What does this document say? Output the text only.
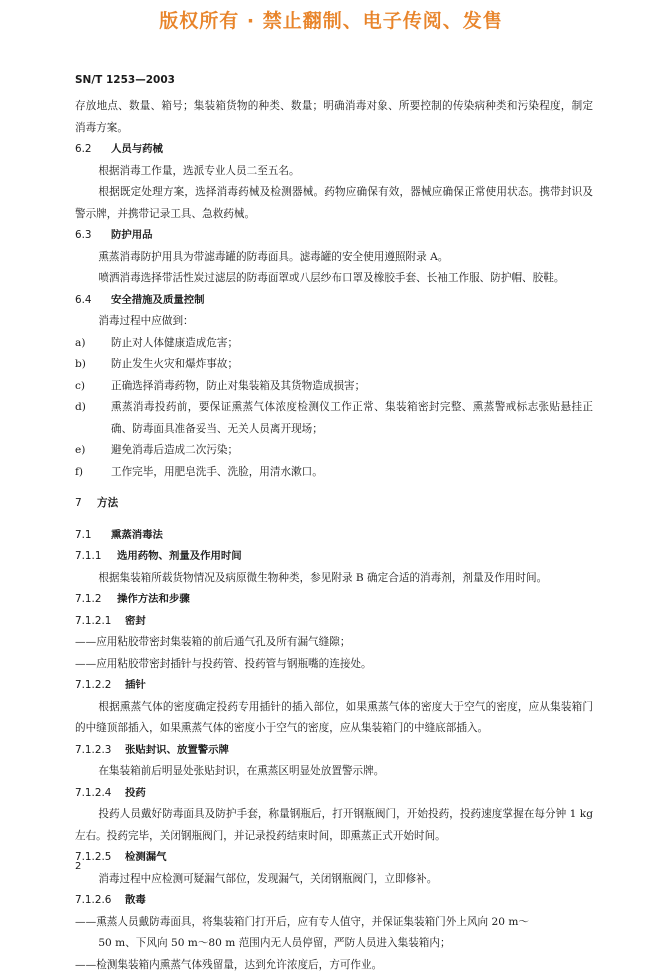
版权所有 · 禁止翻制、电子传阅、发售
SN/T 1253—2003

存放地点、数量、箱号；集装箱货物的种类、数量；明确消毒对象、所要控制的传染病种类和污染程度，制定消毒方案。

6.2 人员与药械

根据消毒工作量，选派专业人员二至五名。

根据既定处理方案，选择消毒药械及检测器械。药物应确保有效，器械应确保正常使用状态。携带封识及警示牌，并携带记录工具、急救药械。

6.3 防护用品

熏蒸消毒防护用具为带滤毒罐的防毒面具。滤毒罐的安全使用遵照附录 A。

喷洒消毒选择带活性炭过滤层的防毒面罩或八层纱布口罩及橡胶手套、长袖工作服、防护帽、胶鞋。

6.4 安全措施及质量控制

消毒过程中应做到：

a)	防止对人体健康造成危害；
b)	防止发生火灾和爆炸事故；
c)	正确选择消毒药物，防止对集装箱及其货物造成损害；
d)	熏蒸消毒投药前，要保证熏蒸气体浓度检测仪工作正常、集装箱密封完整、熏蒸警戒标志张贴悬挂正确、防毒面具准备妥当、无关人员离开现场；
e)	避免消毒后造成二次污染；
f)	工作完毕，用肥皂洗手、洗脸，用清水漱口。
7 方法
7.1 熏蒸消毒法
7.1.1 选用药物、剂量及作用时间

根据集装箱所载货物情况及病原微生物种类，参见附录 B 确定合适的消毒剂，剂量及作用时间。

7.1.2 操作方法和步骤
7.1.2.1 密封

——应用粘胶带密封集装箱的前后通气孔及所有漏气缝隙；

——应用粘胶带密封插针与投药管、投药管与钢瓶嘴的连接处。

7.1.2.2 插针

根据熏蒸气体的密度确定投药专用插针的插入部位，如果熏蒸气体的密度大于空气的密度，应从集装箱门的中缝顶部插入，如果熏蒸气体的密度小于空气的密度，应从集装箱门的中缝底部插入。

7.1.2.3 张贴封识、放置警示牌

在集装箱前后明显处张贴封识，在熏蒸区明显处放置警示牌。

7.1.2.4 投药

投药人员戴好防毒面具及防护手套，称量钢瓶后，打开钢瓶阀门，开始投药，投药速度掌握在每分钟 1 kg 左右。投药完毕，关闭钢瓶阀门，并记录投药结束时间，即熏蒸正式开始时间。

7.1.2.5 检测漏气

消毒过程中应检测可疑漏气部位，发现漏气，关闭钢瓶阀门，立即修补。

7.1.2.6 散毒

——熏蒸人员戴防毒面具，将集装箱门打开后，应有专人值守，并保证集装箱门外上风向 20 m～

50 m、下风向 50 m～80 m 范围内无人员停留，严防人员进入集装箱内；

——检测集装箱内熏蒸气体残留量，达到允许浓度后，方可作业。

2
